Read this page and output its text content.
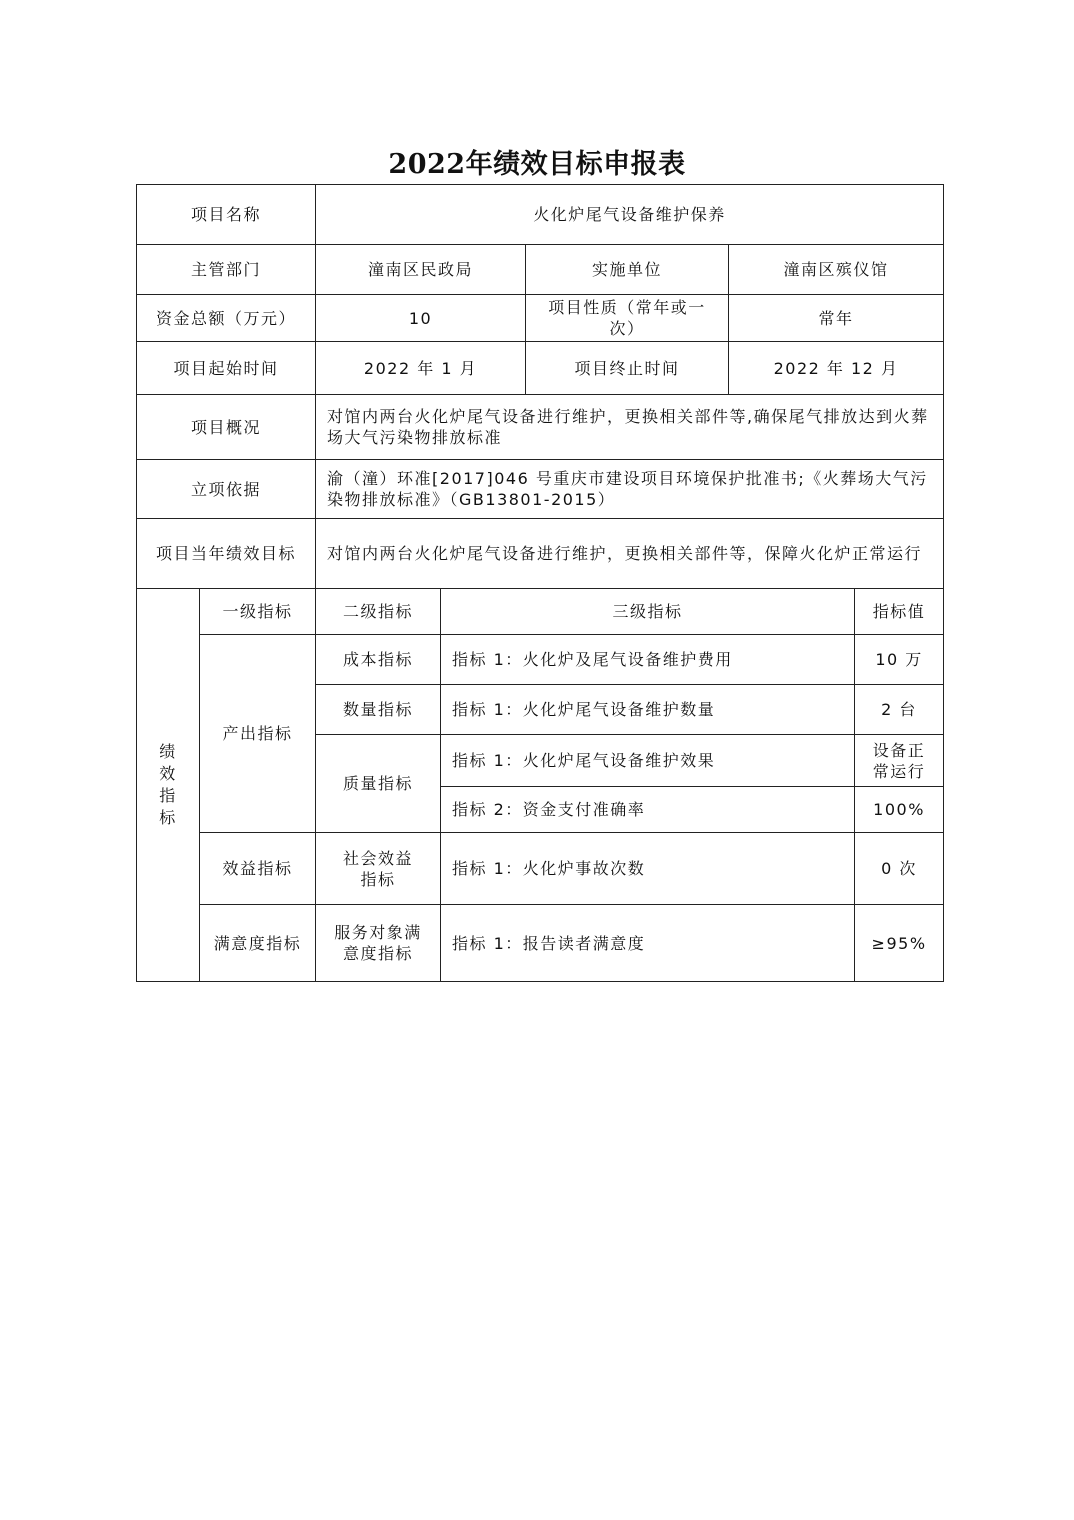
2022年绩效目标申报表
项目名称		火化炉尾气设备维护保养				
主管部门		潼南区民政局		实施单位	潼南区殡仪馆	
资金总额（万元）		10		项目性质（常年或一次）	常年	
项目起始时间		2022 年 1 月		项目终止时间	2022 年 12 月	
项目概况		对馆内两台火化炉尾气设备进行维护，更换相关部件等,确保尾气排放达到火葬场大气污染物排放标准				
立项依据		渝（潼）环准[2017]046 号重庆市建设项目环境保护批准书;《火葬场大气污染物排放标准》（GB13801-2015）				
项目当年绩效目标		对馆内两台火化炉尾气设备进行维护，更换相关部件等，保障火化炉正常运行				
绩效指标	一级指标	二级指标	三级指标			指标值
	产出指标	成本指标	指标 1：火化炉及尾气设备维护费用			10 万
		数量指标	指标 1：火化炉尾气设备维护数量			2 台
		质量指标	指标 1：火化炉尾气设备维护效果			设备正常运行
			指标 2：资金支付准确率			100%
	效益指标	社会效益指标	指标 1：火化炉事故次数			0 次
	满意度指标	服务对象满意度指标	指标 1：报告读者满意度			≥95%
